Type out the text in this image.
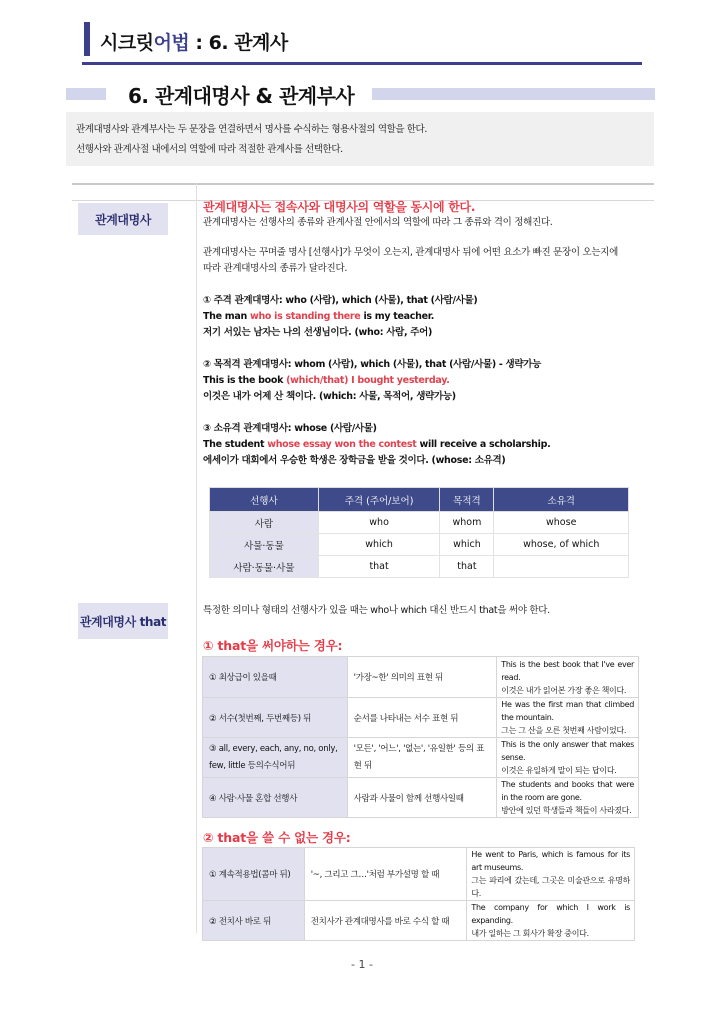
시크릿어법 : 6. 관계사
6. 관계대명사 & 관계부사

관계대명사와 관계부사는 두 문장을 연결하면서 명사를 수식하는 형용사절의 역할을 한다.

선행사와 관계사절 내에서의 역할에 따라 적절한 관계사를 선택한다.

관계대명사

관계대명사는 접속사와 대명사의 역할을 동시에 한다.

관계대명사는 선행사의 종류와 관계사절 안에서의 역할에 따라 그 종류와 격이 정해진다.

관계대명사는 꾸며줄 명사 [선행사]가 무엇이 오는지, 관계대명사 뒤에 어떤 요소가 빠진 문장이 오는지에

따라 관계대명사의 종류가 달라진다.

① 주격 관계대명사: who (사람), which (사물), that (사람/사물)

The man who is standing there is my teacher.

저기 서있는 남자는 나의 선생님이다. (who: 사람, 주어)

② 목적격 관계대명사: whom (사람), which (사물), that (사람/사물) - 생략가능

This is the book (which/that) I bought yesterday.

이것은 내가 어제 산 책이다. (which: 사물, 목적어, 생략가능)

③ 소유격 관계대명사: whose (사람/사물)

The student whose essay won the contest will receive a scholarship.

에세이가 대회에서 우승한 학생은 장학금을 받을 것이다. (whose: 소유격)

선행사	주격 (주어/보어)	목적격	소유격
사람	who	whom	whose
사물·동물	which	which	whose, of which
사람·동물·사물	that	that	
관계대명사 that

특정한 의미나 형태의 선행사가 있을 때는 who나 which 대신 반드시 that을 써야 한다.

① that을 써야하는 경우:
① 최상급이 있을때	'가장~한' 의미의 표현 뒤	This is the best book that I've ever read.
이것은 내가 읽어본 가장 좋은 책이다.

② 서수(첫번째, 두번째등) 뒤	순서를 나타내는 서수 표현 뒤	He was the first man that climbed the mountain.
그는 그 산을 오른 첫번째 사람이었다.

③ all, every, each, any, no, only, few, little 등의수식어뒤	'모든', '어느', '없는', '유일한' 등의 표현 뒤	This is the only answer that makes sense.
이것은 유일하게 말이 되는 답이다.

④ 사람·사물 혼합 선행사	사람과 사물이 함께 선행사일때	The students and books that were in the room are gone.
방안에 있던 학생들과 책들이 사라졌다.
② that을 쓸 수 없는 경우:
① 계속적용법(콤마 뒤)	'~, 그리고 그…'처럼 부가설명 할 때	He went to Paris, which is famous for its art museums.
그는 파리에 갔는데, 그곳은 미술관으로 유명하다.

② 전치사 바로 뒤	전치사가 관계대명사를 바로 수식 할 때	The company for which I work is expanding.
내가 일하는 그 회사가 확장 중이다.
- 1 -
